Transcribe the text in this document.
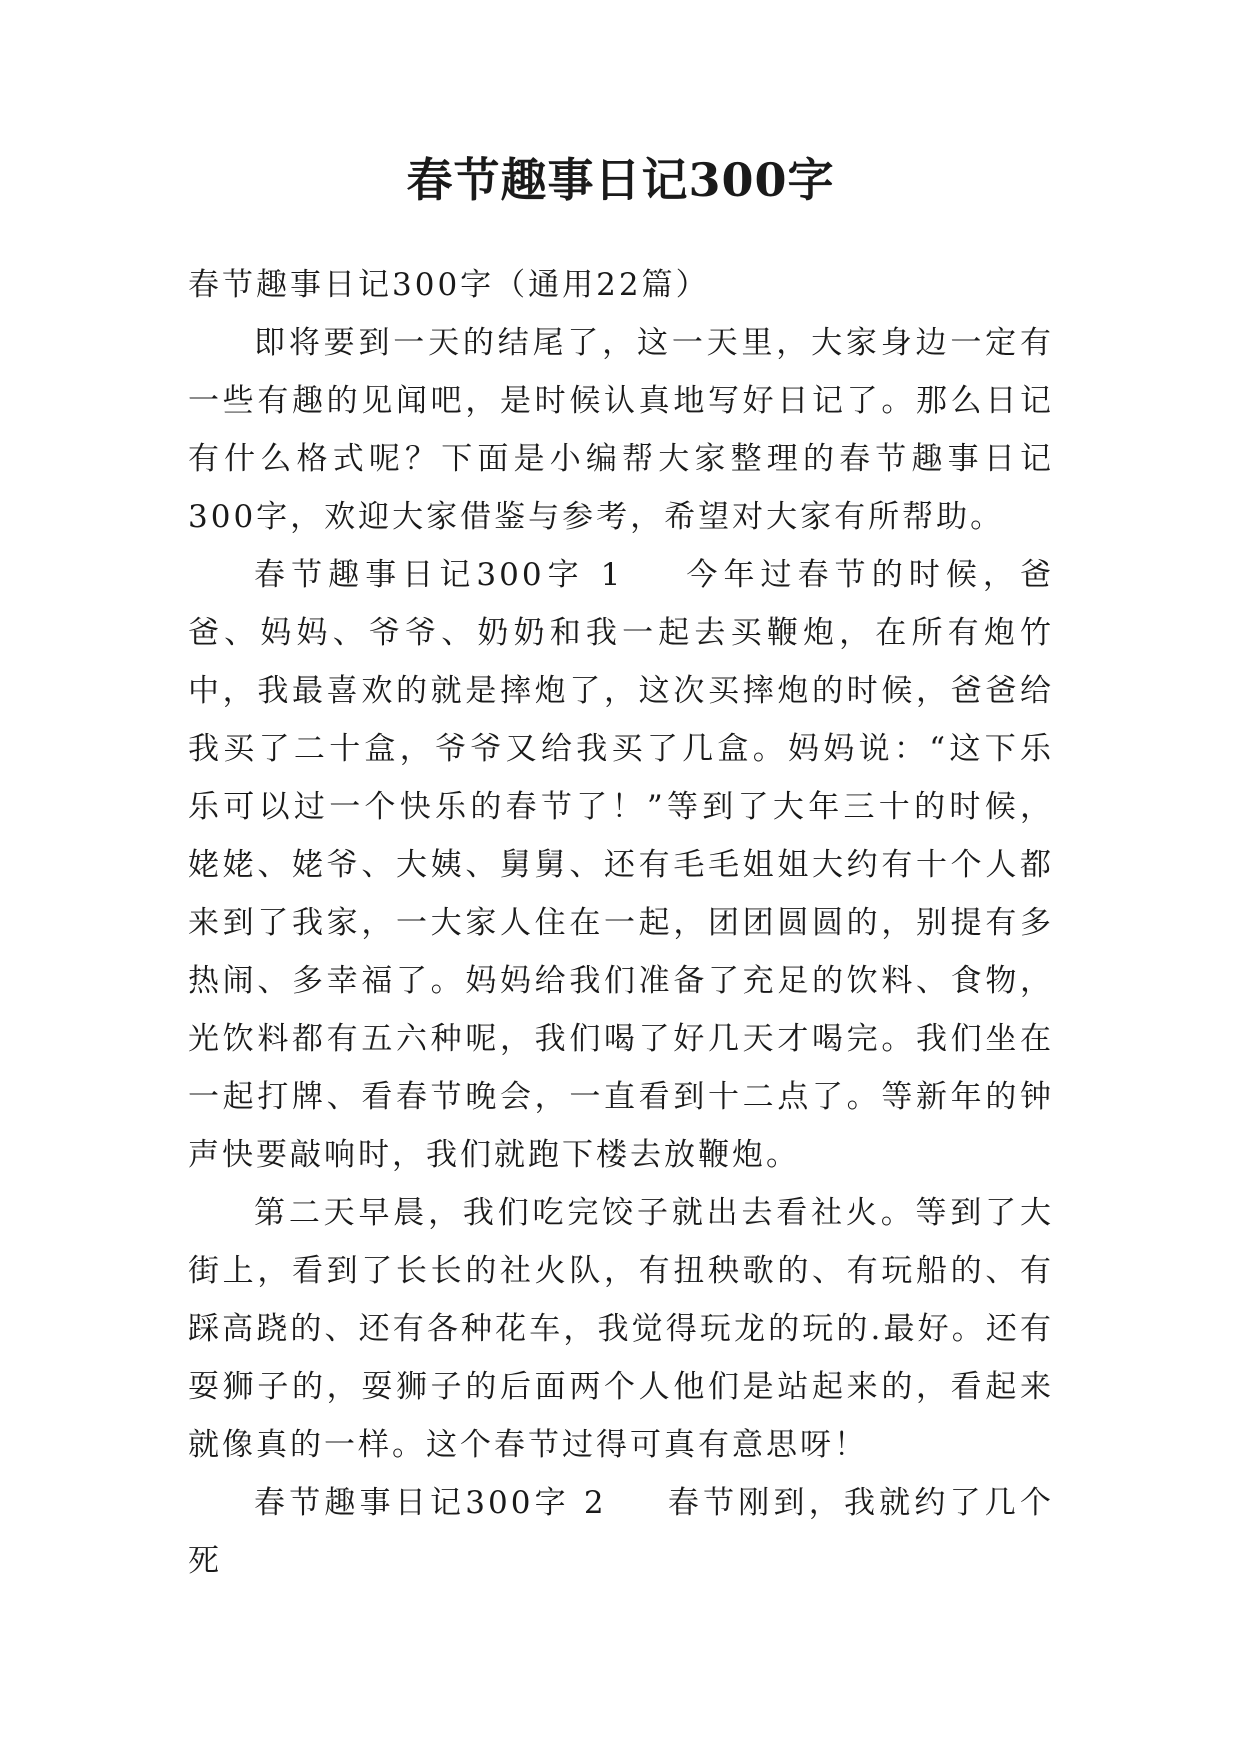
春节趣事日记300字

春节趣事日记300字（通用22篇）

即将要到一天的结尾了，这一天里，大家身边一定有一些有趣的见闻吧，是时候认真地写好日记了。那么日记有什么格式呢？下面是小编帮大家整理的春节趣事日记300字，欢迎大家借鉴与参考，希望对大家有所帮助。

春节趣事日记300字 1 今年过春节的时候，爸爸、妈妈、爷爷、奶奶和我一起去买鞭炮，在所有炮竹中，我最喜欢的就是摔炮了，这次买摔炮的时候，爸爸给我买了二十盒，爷爷又给我买了几盒。妈妈说：“这下乐乐可以过一个快乐的春节了！”等到了大年三十的时候，姥姥、姥爷、大姨、舅舅、还有毛毛姐姐大约有十个人都来到了我家，一大家人住在一起，团团圆圆的，别提有多热闹、多幸福了。妈妈给我们准备了充足的饮料、食物，光饮料都有五六种呢，我们喝了好几天才喝完。我们坐在一起打牌、看春节晚会，一直看到十二点了。等新年的钟声快要敲响时，我们就跑下楼去放鞭炮。

第二天早晨，我们吃完饺子就出去看社火。等到了大街上，看到了长长的社火队，有扭秧歌的、有玩船的、有踩高跷的、还有各种花车，我觉得玩龙的玩的.最好。还有耍狮子的，耍狮子的后面两个人他们是站起来的，看起来就像真的一样。这个春节过得可真有意思呀！

春节趣事日记300字 2 春节刚到，我就约了几个死
